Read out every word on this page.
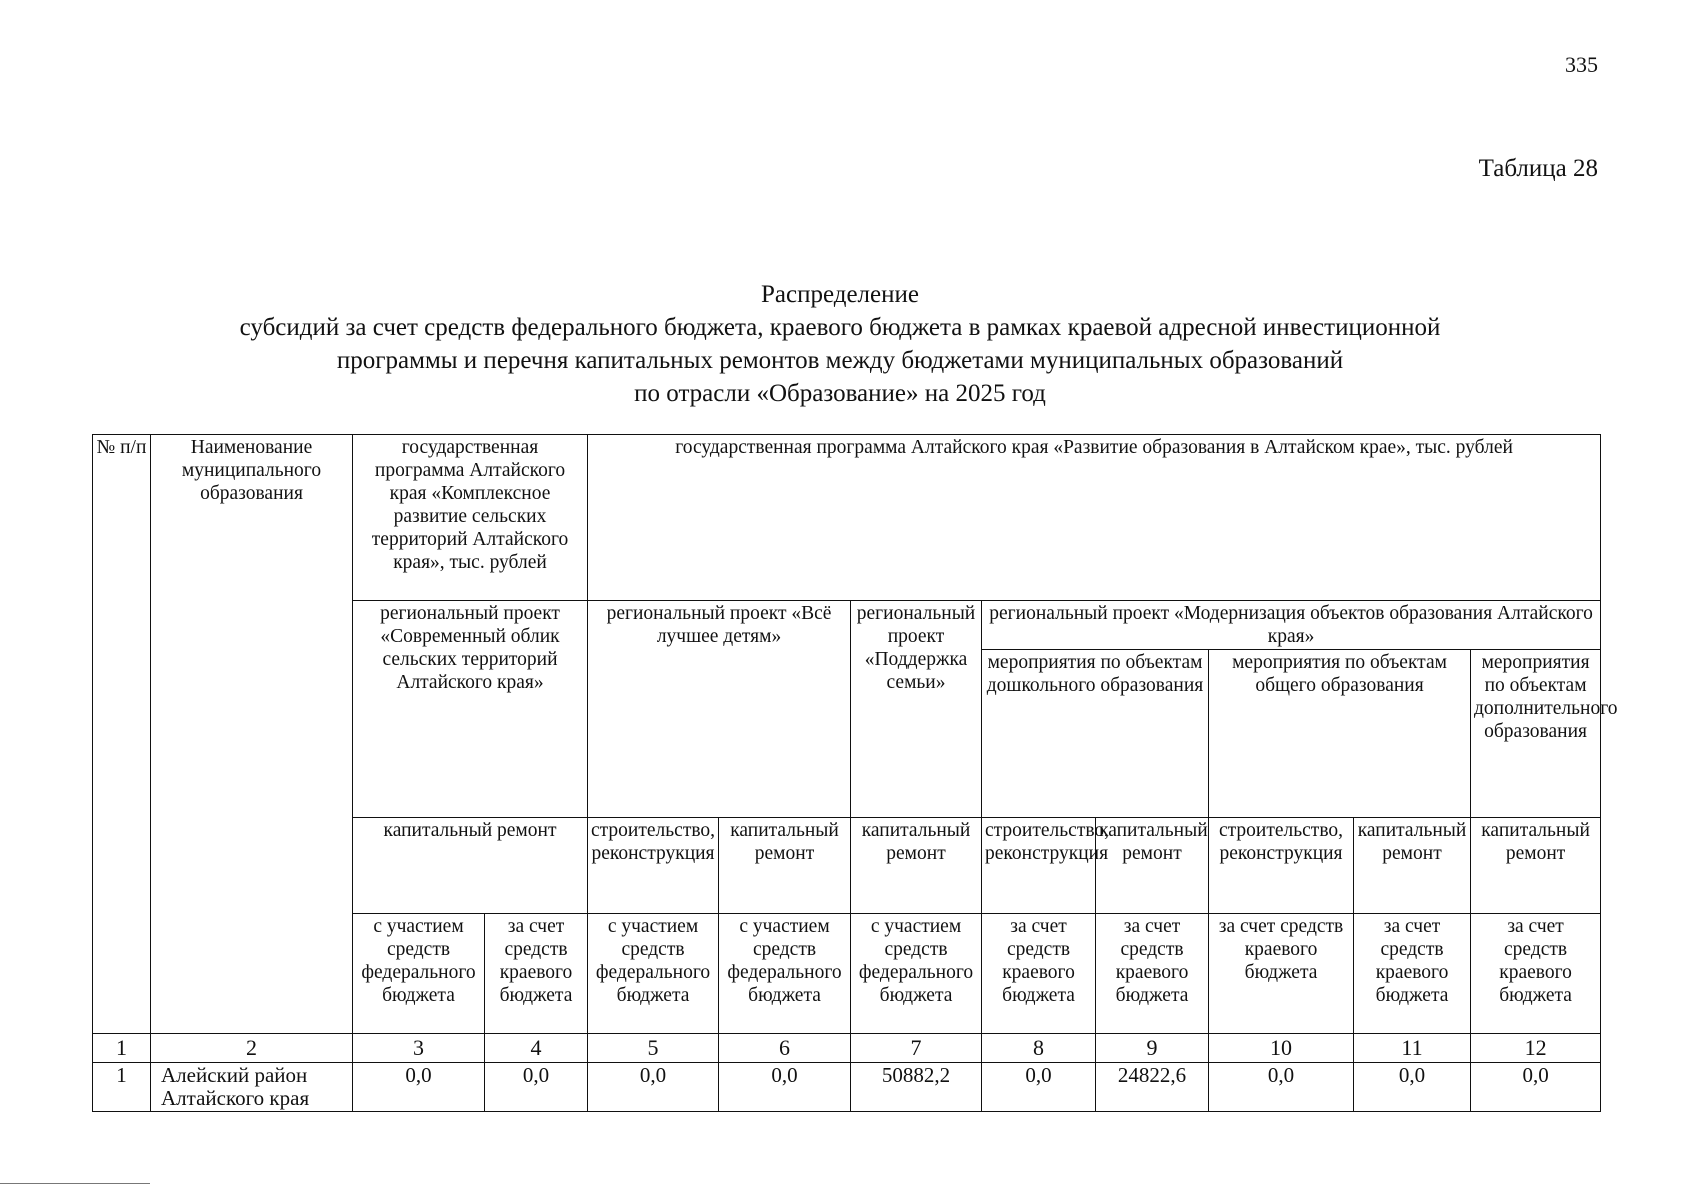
335
Таблица 28
Распределение
субсидий за счет средств федерального бюджета, краевого бюджета в рамках краевой адресной инвестиционной
программы и перечня капитальных ремонтов между бюджетами муниципальных образований
по отрасли «Образование» на 2025 год
№ п/п	Наименование муниципального образования	государственная программа Алтайского края «Комплексное развитие сельских территорий Алтайского края», тыс. рублей		государственная программа Алтайского края «Развитие образования в Алтайском крае», тыс. рублей							
		региональный проект «Современный облик сельских территорий Алтайского края»		региональный проект «Всё лучшее детям»		региональный проект «Поддержка семьи»	региональный проект «Модернизация объектов образования Алтайского края»				
							мероприятия по объектам дошкольного образования		мероприятия по объектам общего образования		мероприятия по объектам дополнительного образования
		капитальный ремонт		строительство, реконструкция	капитальный ремонт	капитальный ремонт	строительство, реконструкция	капитальный ремонт	строительство, реконструкция	капитальный ремонт	капитальный ремонт
		с участием средств федерального бюджета	за счет средств краевого бюджета	с участием средств федерального бюджета	с участием средств федерального бюджета	с участием средств федерального бюджета	за счет средств краевого бюджета	за счет средств краевого бюджета	за счет средств краевого бюджета	за счет средств краевого бюджета	за счет средств краевого бюджета
1	2	3	4	5	6	7	8	9	10	11	12
1	Алейский район Алтайского края	0,0	0,0	0,0	0,0	50882,2	0,0	24822,6	0,0	0,0	0,0
